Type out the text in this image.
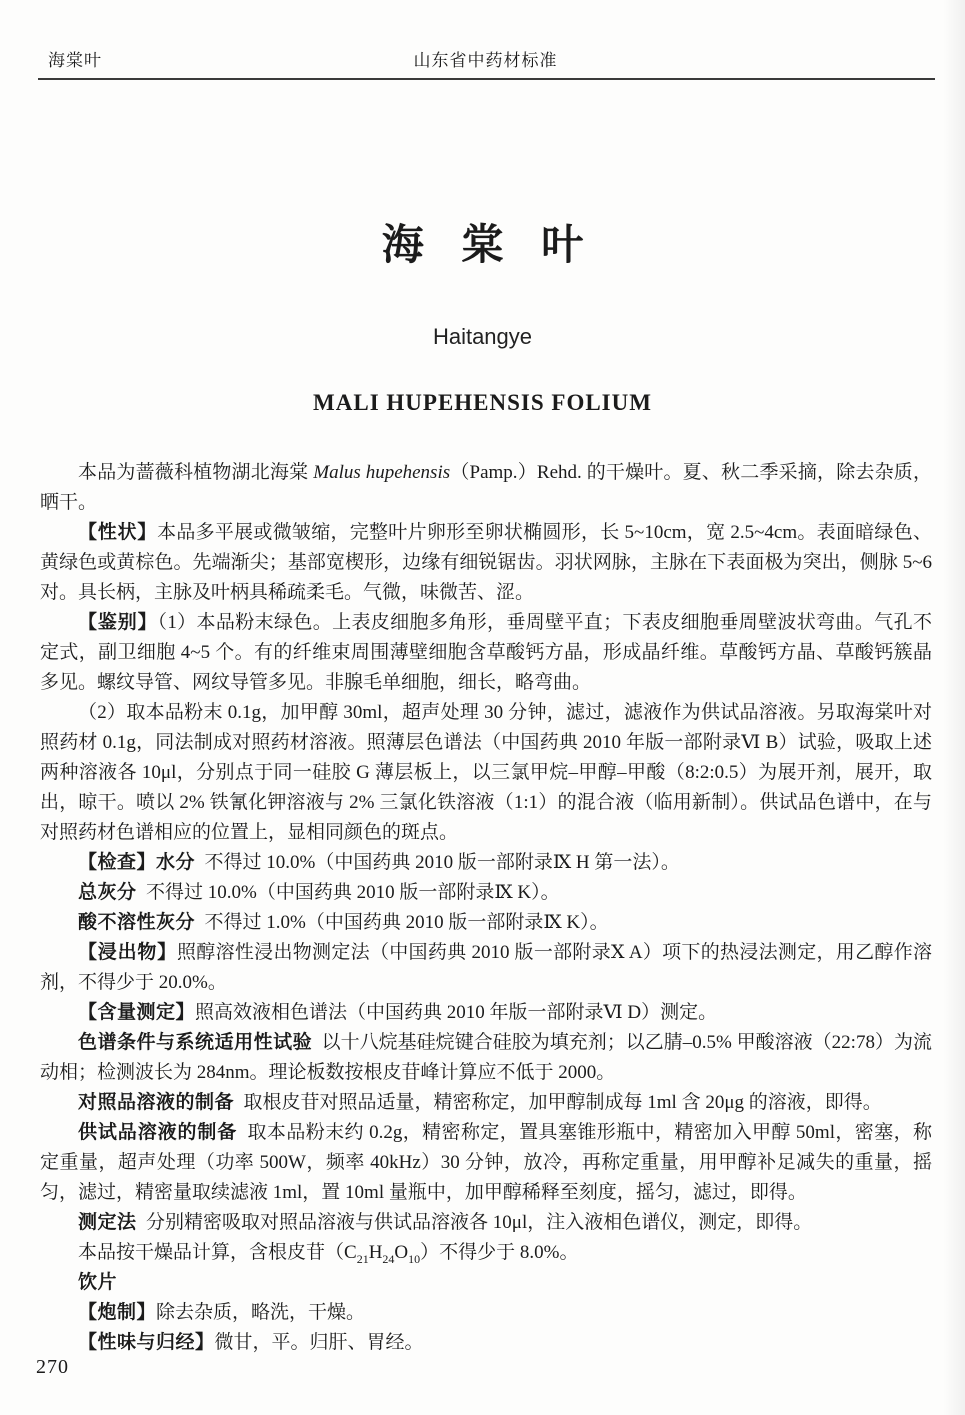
海棠叶	山东省中药材标准
海棠叶
Haitangye
MALI HUPEHENSIS FOLIUM

本品为蔷薇科植物湖北海棠 Malus hupehensis（Pamp.）Rehd. 的干燥叶。夏、秋二季采摘，除去杂质，晒干。

【性状】本品多平展或微皱缩，完整叶片卵形至卵状椭圆形，长 5~10cm，宽 2.5~4cm。表面暗绿色、黄绿色或黄棕色。先端渐尖；基部宽楔形，边缘有细锐锯齿。羽状网脉，主脉在下表面极为突出，侧脉 5~6 对。具长柄，主脉及叶柄具稀疏柔毛。气微，味微苦、涩。

【鉴别】（1）本品粉末绿色。上表皮细胞多角形，垂周壁平直；下表皮细胞垂周壁波状弯曲。气孔不定式，副卫细胞 4~5 个。有的纤维束周围薄壁细胞含草酸钙方晶，形成晶纤维。草酸钙方晶、草酸钙簇晶多见。螺纹导管、网纹导管多见。非腺毛单细胞，细长，略弯曲。

（2）取本品粉末 0.1g，加甲醇 30ml，超声处理 30 分钟，滤过，滤液作为供试品溶液。另取海棠叶对照药材 0.1g，同法制成对照药材溶液。照薄层色谱法（中国药典 2010 年版一部附录Ⅵ B）试验，吸取上述两种溶液各 10μl，分别点于同一硅胶 G 薄层板上，以三氯甲烷–甲醇–甲酸（8:2:0.5）为展开剂，展开，取出，晾干。喷以 2% 铁氰化钾溶液与 2% 三氯化铁溶液（1:1）的混合液（临用新制）。供试品色谱中，在与对照药材色谱相应的位置上，显相同颜色的斑点。

【检查】水分  不得过 10.0%（中国药典 2010 版一部附录Ⅸ H 第一法）。

总灰分  不得过 10.0%（中国药典 2010 版一部附录Ⅸ K）。

酸不溶性灰分  不得过 1.0%（中国药典 2010 版一部附录Ⅸ K）。

【浸出物】照醇溶性浸出物测定法（中国药典 2010 版一部附录Ⅹ A）项下的热浸法测定，用乙醇作溶剂，不得少于 20.0%。

【含量测定】照高效液相色谱法（中国药典 2010 年版一部附录Ⅵ D）测定。

色谱条件与系统适用性试验  以十八烷基硅烷键合硅胶为填充剂；以乙腈–0.5% 甲酸溶液（22:78）为流动相；检测波长为 284nm。理论板数按根皮苷峰计算应不低于 2000。

对照品溶液的制备  取根皮苷对照品适量，精密称定，加甲醇制成每 1ml 含 20μg 的溶液，即得。

供试品溶液的制备  取本品粉末约 0.2g，精密称定，置具塞锥形瓶中，精密加入甲醇 50ml，密塞，称定重量，超声处理（功率 500W，频率 40kHz）30 分钟，放冷，再称定重量，用甲醇补足减失的重量，摇匀，滤过，精密量取续滤液 1ml，置 10ml 量瓶中，加甲醇稀释至刻度，摇匀，滤过，即得。

测定法  分别精密吸取对照品溶液与供试品溶液各 10μl，注入液相色谱仪，测定，即得。

本品按干燥品计算，含根皮苷$(C_{21}H_{24}O_{10})$不得少于 8.0%。

饮片

【炮制】除去杂质，略洗，干燥。

【性味与归经】微甘，平。归肝、胃经。

270
